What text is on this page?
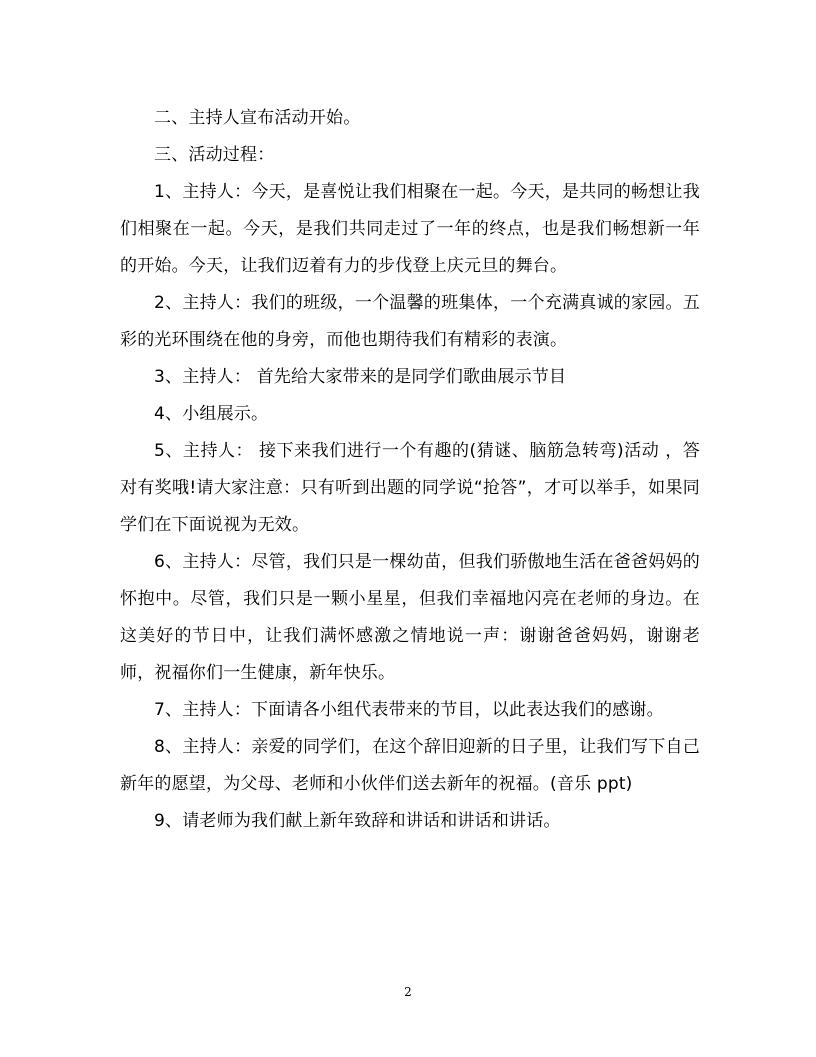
二、主持人宣布活动开始。

三、活动过程：

1、主持人：今天，是喜悦让我们相聚在一起。今天，是共同的畅想让我们相聚在一起。今天，是我们共同走过了一年的终点，也是我们畅想新一年的开始。今天，让我们迈着有力的步伐登上庆元旦的舞台。

2、主持人：我们的班级，一个温馨的班集体，一个充满真诚的家园。五彩的光环围绕在他的身旁，而他也期待我们有精彩的表演。

3、主持人： 首先给大家带来的是同学们歌曲展示节目

4、小组展示。

5、主持人： 接下来我们进行一个有趣的(猜谜、脑筋急转弯)活动 ，答对有奖哦!请大家注意：只有听到出题的同学说“抢答”，才可以举手，如果同学们在下面说视为无效。

6、主持人：尽管，我们只是一棵幼苗，但我们骄傲地生活在爸爸妈妈的怀抱中。尽管，我们只是一颗小星星，但我们幸福地闪亮在老师的身边。在这美好的节日中，让我们满怀感激之情地说一声：谢谢爸爸妈妈，谢谢老师，祝福你们一生健康，新年快乐。

7、主持人：下面请各小组代表带来的节目，以此表达我们的感谢。

8、主持人：亲爱的同学们，在这个辞旧迎新的日子里，让我们写下自己新年的愿望，为父母、老师和小伙伴们送去新年的祝福。(音乐 ppt)

9、请老师为我们献上新年致辞和讲话和讲话和讲话。

2
